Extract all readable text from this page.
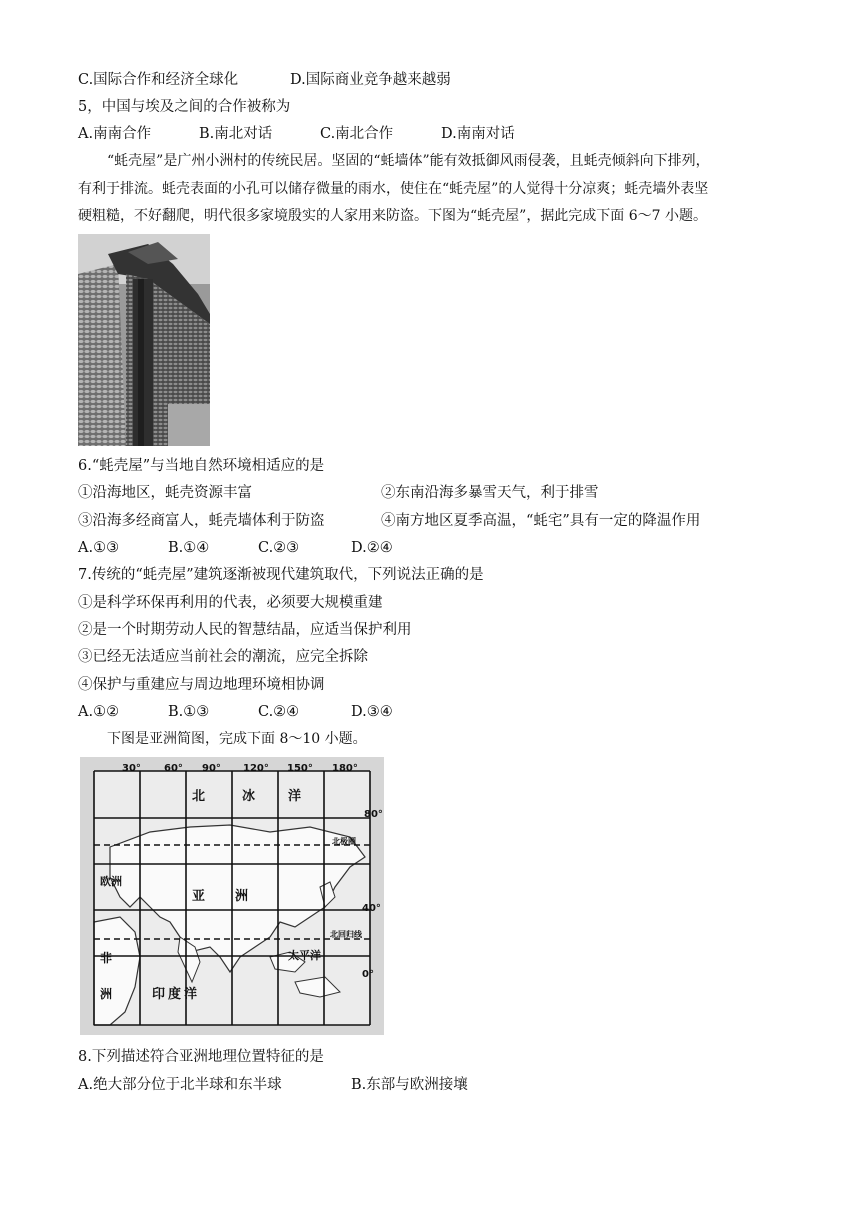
C.国际合作和经济全球化	D.国际商业竞争越来越弱
5，中国与埃及之间的合作被称为
A.南南合作	B.南北对话	C.南北合作	D.南南对话
“蚝壳屋”是广州小洲村的传统民居。坚固的“蚝墙体”能有效抵御风雨侵袭，且蚝壳倾斜向下排列，
有利于排流。蚝壳表面的小孔可以储存微量的雨水，使住在“蚝壳屋”的人觉得十分凉爽；蚝壳墙外表坚
硬粗糙，不好翻爬，明代很多家境殷实的人家用来防盗。下图为“蚝壳屋”，据此完成下面 6～7 小题。
6.“蚝壳屋”与当地自然环境相适应的是
①沿海地区，蚝壳资源丰富	②东南沿海多暴雪天气，利于排雪
③沿海多经商富人，蚝壳墙体利于防盗	④南方地区夏季高温，“蚝宅”具有一定的降温作用
A.①③	B.①④	C.②③	D.②④
7.传统的“蚝壳屋”建筑逐渐被现代建筑取代，下列说法正确的是
①是科学环保再利用的代表，必须要大规模重建
②是一个时期劳动人民的智慧结晶，应适当保护利用
③已经无法适应当前社会的潮流，应完全拆除
④保护与重建应与周边地理环境相协调
A.①②	B.①③	C.②④	D.③④
下图是亚洲简图，完成下面 8～10 小题。
30° 60° 90° 120° 150° 180°
80°
40°
0°
北极圈
北回归线
北	冰	洋
欧洲
亚 洲
非
洲
太平洋
印度洋
8.下列描述符合亚洲地理位置特征的是
A.绝大部分位于北半球和东半球	B.东部与欧洲接壤
